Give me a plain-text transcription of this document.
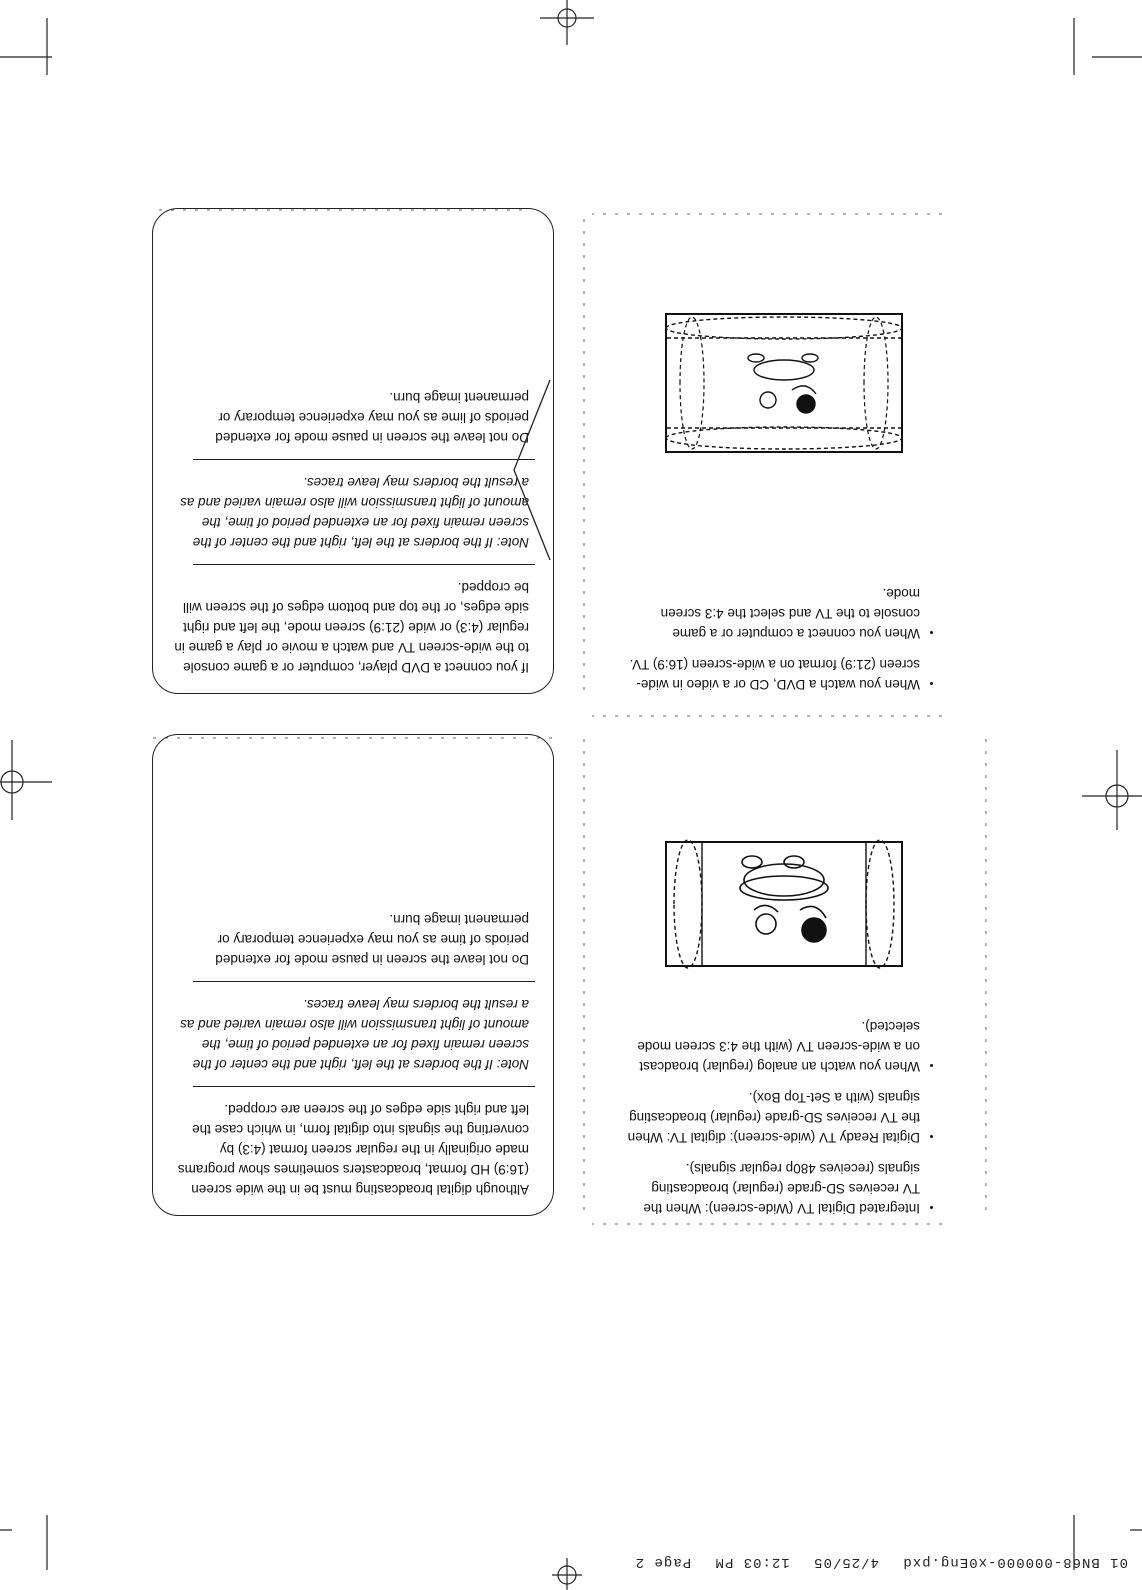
01 BN68-000000-x0Eng.pxd 4/25/05 12:03 PM Page 2

Although digital broadcasting must be in the wide screen (16:9) HD format, broadcasters sometimes show programs made originally in the regular screen format (4:3) by converting the signals into digital form, in which case the left and right side edges of the screen are cropped.

Note: If the borders at the left, right and the center of the screen remain fixed for an extended period of time, the amount of light transmission will also remain varied and as a result the borders may leave traces.

Do not leave the screen in pause mode for extended periods of time as you may experience temporary or permanent image burn.

If you connect a DVD player, computer or a game console to the wide-screen TV and watch a movie or play a game in regular (4:3) or wide (21:9) screen mode, the left and right side edges, or the top and bottom edges of the screen will be cropped.

Note: If the borders at the left, right and the center of the screen remain fixed for an extended period of time, the amount of light transmission will also remain varied and as a result the borders may leave traces.

Do not leave the screen in pause mode for extended periods of lime as you may experience temporary or permanent image burn.

• Integrated Digital TV (Wide-screen): When the TV receives SD-grade (regular) broadcasting signals (receives 480p regular signals).
• Digital Ready TV (wide-screen): digital TV: When the TV receives SD-grade (regular) broadcasting signals (with a Set-Top Box).
• When you watch an analog (regular) broadcast on a wide-screen TV (with the 4:3 screen mode selected).
• When you watch a DVD, CD or a video in wide-screen (21:9) format on a wide-screen (16:9) TV.
• When you connect a computer or a game console to the TV and select the 4:3 screen mode.
